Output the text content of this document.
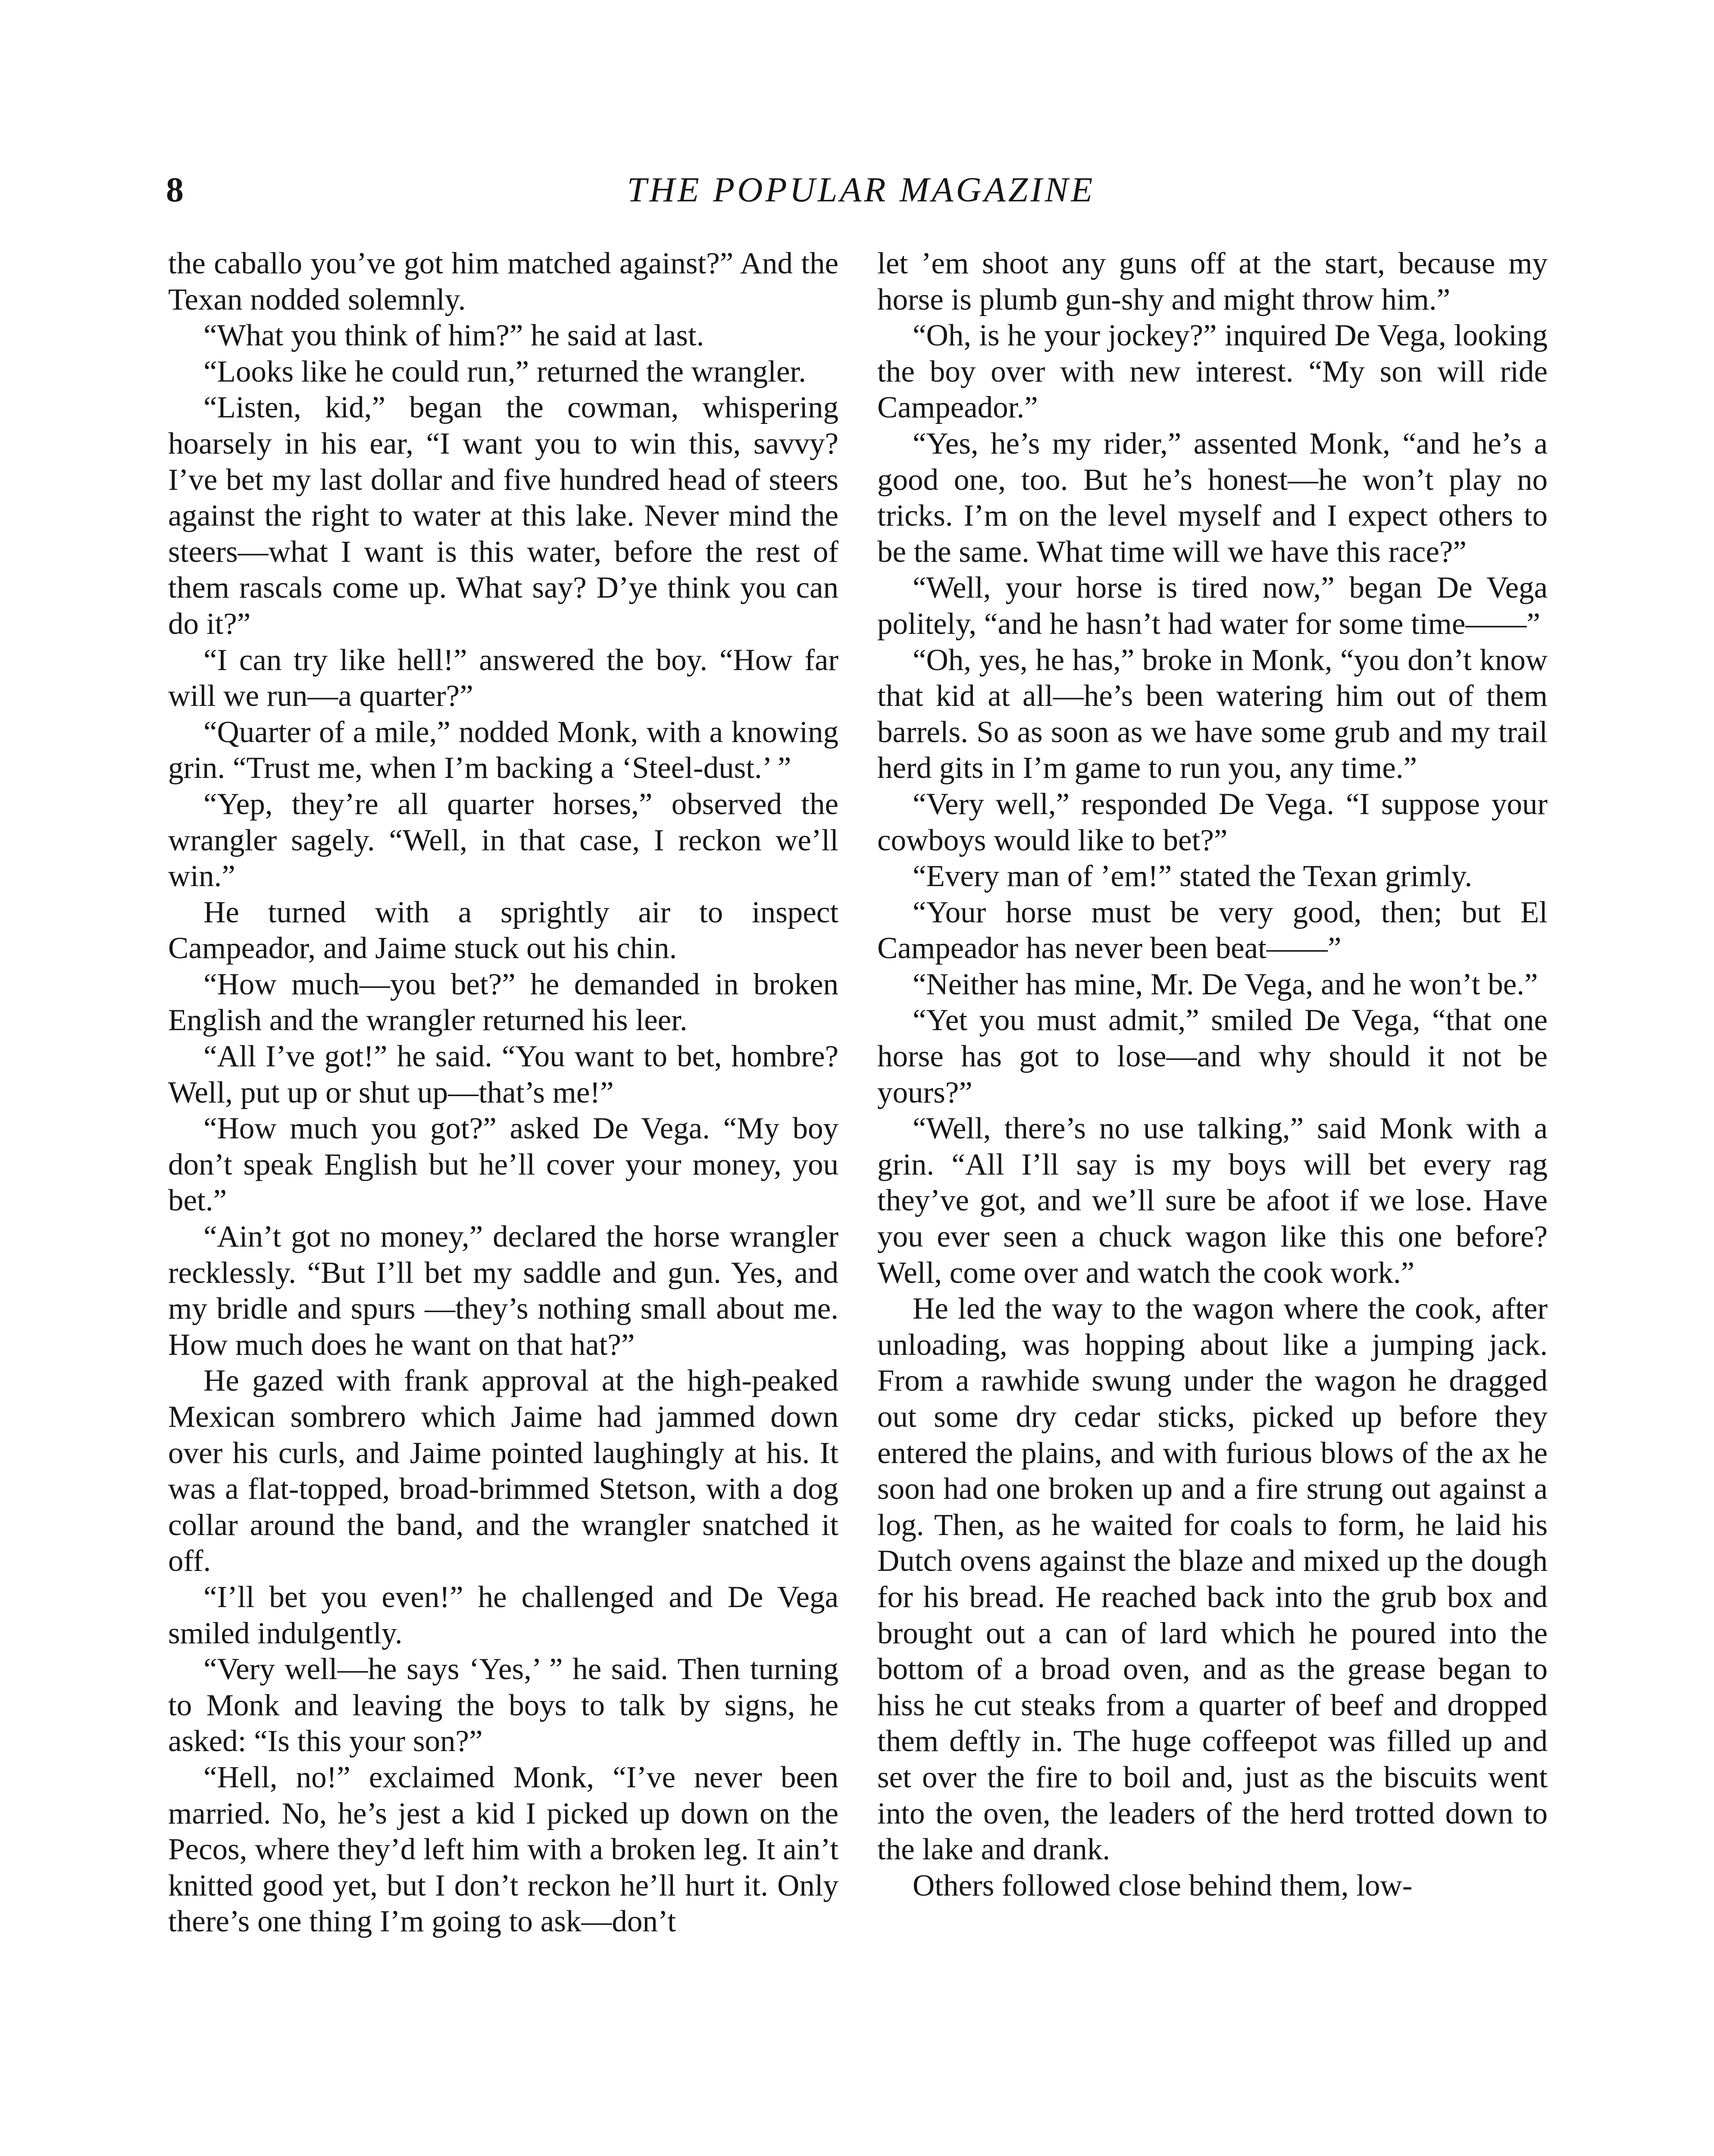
8	THE POPULAR MAGAZINE

the caballo you’ve got him matched against?” And the Texan nodded solemnly.

“What you think of him?” he said at last.

“Looks like he could run,” returned the wrangler.

“Listen, kid,” began the cowman, whispering hoarsely in his ear, “I want you to win this, savvy? I’ve bet my last dollar and five hundred head of steers against the right to water at this lake. Never mind the steers—what I want is this water, before the rest of them rascals come up. What say? D’ye think you can do it?”

“I can try like hell!” answered the boy. “How far will we run—a quarter?”

“Quarter of a mile,” nodded Monk, with a knowing grin. “Trust me, when I’m backing a ‘Steel-dust.’ ”

“Yep, they’re all quarter horses,” observed the wrangler sagely. “Well, in that case, I reckon we’ll win.”

He turned with a sprightly air to inspect Campeador, and Jaime stuck out his chin.

“How much—you bet?” he demanded in broken English and the wrangler returned his leer.

“All I’ve got!” he said. “You want to bet, hombre? Well, put up or shut up—that’s me!”

“How much you got?” asked De Vega. “My boy don’t speak English but he’ll cover your money, you bet.”

“Ain’t got no money,” declared the horse wrangler recklessly. “But I’ll bet my saddle and gun. Yes, and my bridle and spurs —they’s nothing small about me. How much does he want on that hat?”

He gazed with frank approval at the high-peaked Mexican sombrero which Jaime had jammed down over his curls, and Jaime pointed laughingly at his. It was a flat-topped, broad-brimmed Stetson, with a dog collar around the band, and the wrangler snatched it off.

“I’ll bet you even!” he challenged and De Vega smiled indulgently.

“Very well—he says ‘Yes,’ ” he said. Then turning to Monk and leaving the boys to talk by signs, he asked: “Is this your son?”

“Hell, no!” exclaimed Monk, “I’ve never been married. No, he’s jest a kid I picked up down on the Pecos, where they’d left him with a broken leg. It ain’t knitted good yet, but I don’t reckon he’ll hurt it. Only there’s one thing I’m going to ask—don’t

let ’em shoot any guns off at the start, because my horse is plumb gun-shy and might throw him.”

“Oh, is he your jockey?” inquired De Vega, looking the boy over with new interest. “My son will ride Campeador.”

“Yes, he’s my rider,” assented Monk, “and he’s a good one, too. But he’s honest—he won’t play no tricks. I’m on the level myself and I expect others to be the same. What time will we have this race?”

“Well, your horse is tired now,” began De Vega politely, “and he hasn’t had water for some time——”

“Oh, yes, he has,” broke in Monk, “you don’t know that kid at all—he’s been watering him out of them barrels. So as soon as we have some grub and my trail herd gits in I’m game to run you, any time.”

“Very well,” responded De Vega. “I suppose your cowboys would like to bet?”

“Every man of ’em!” stated the Texan grimly.

“Your horse must be very good, then; but El Campeador has never been beat——”

“Neither has mine, Mr. De Vega, and he won’t be.”

“Yet you must admit,” smiled De Vega, “that one horse has got to lose—and why should it not be yours?”

“Well, there’s no use talking,” said Monk with a grin. “All I’ll say is my boys will bet every rag they’ve got, and we’ll sure be afoot if we lose. Have you ever seen a chuck wagon like this one before? Well, come over and watch the cook work.”

He led the way to the wagon where the cook, after unloading, was hopping about like a jumping jack. From a rawhide swung under the wagon he dragged out some dry cedar sticks, picked up before they entered the plains, and with furious blows of the ax he soon had one broken up and a fire strung out against a log. Then, as he waited for coals to form, he laid his Dutch ovens against the blaze and mixed up the dough for his bread. He reached back into the grub box and brought out a can of lard which he poured into the bottom of a broad oven, and as the grease began to hiss he cut steaks from a quarter of beef and dropped them deftly in. The huge coffeepot was filled up and set over the fire to boil and, just as the biscuits went into the oven, the leaders of the herd trotted down to the lake and drank.

Others followed close behind them, low-
